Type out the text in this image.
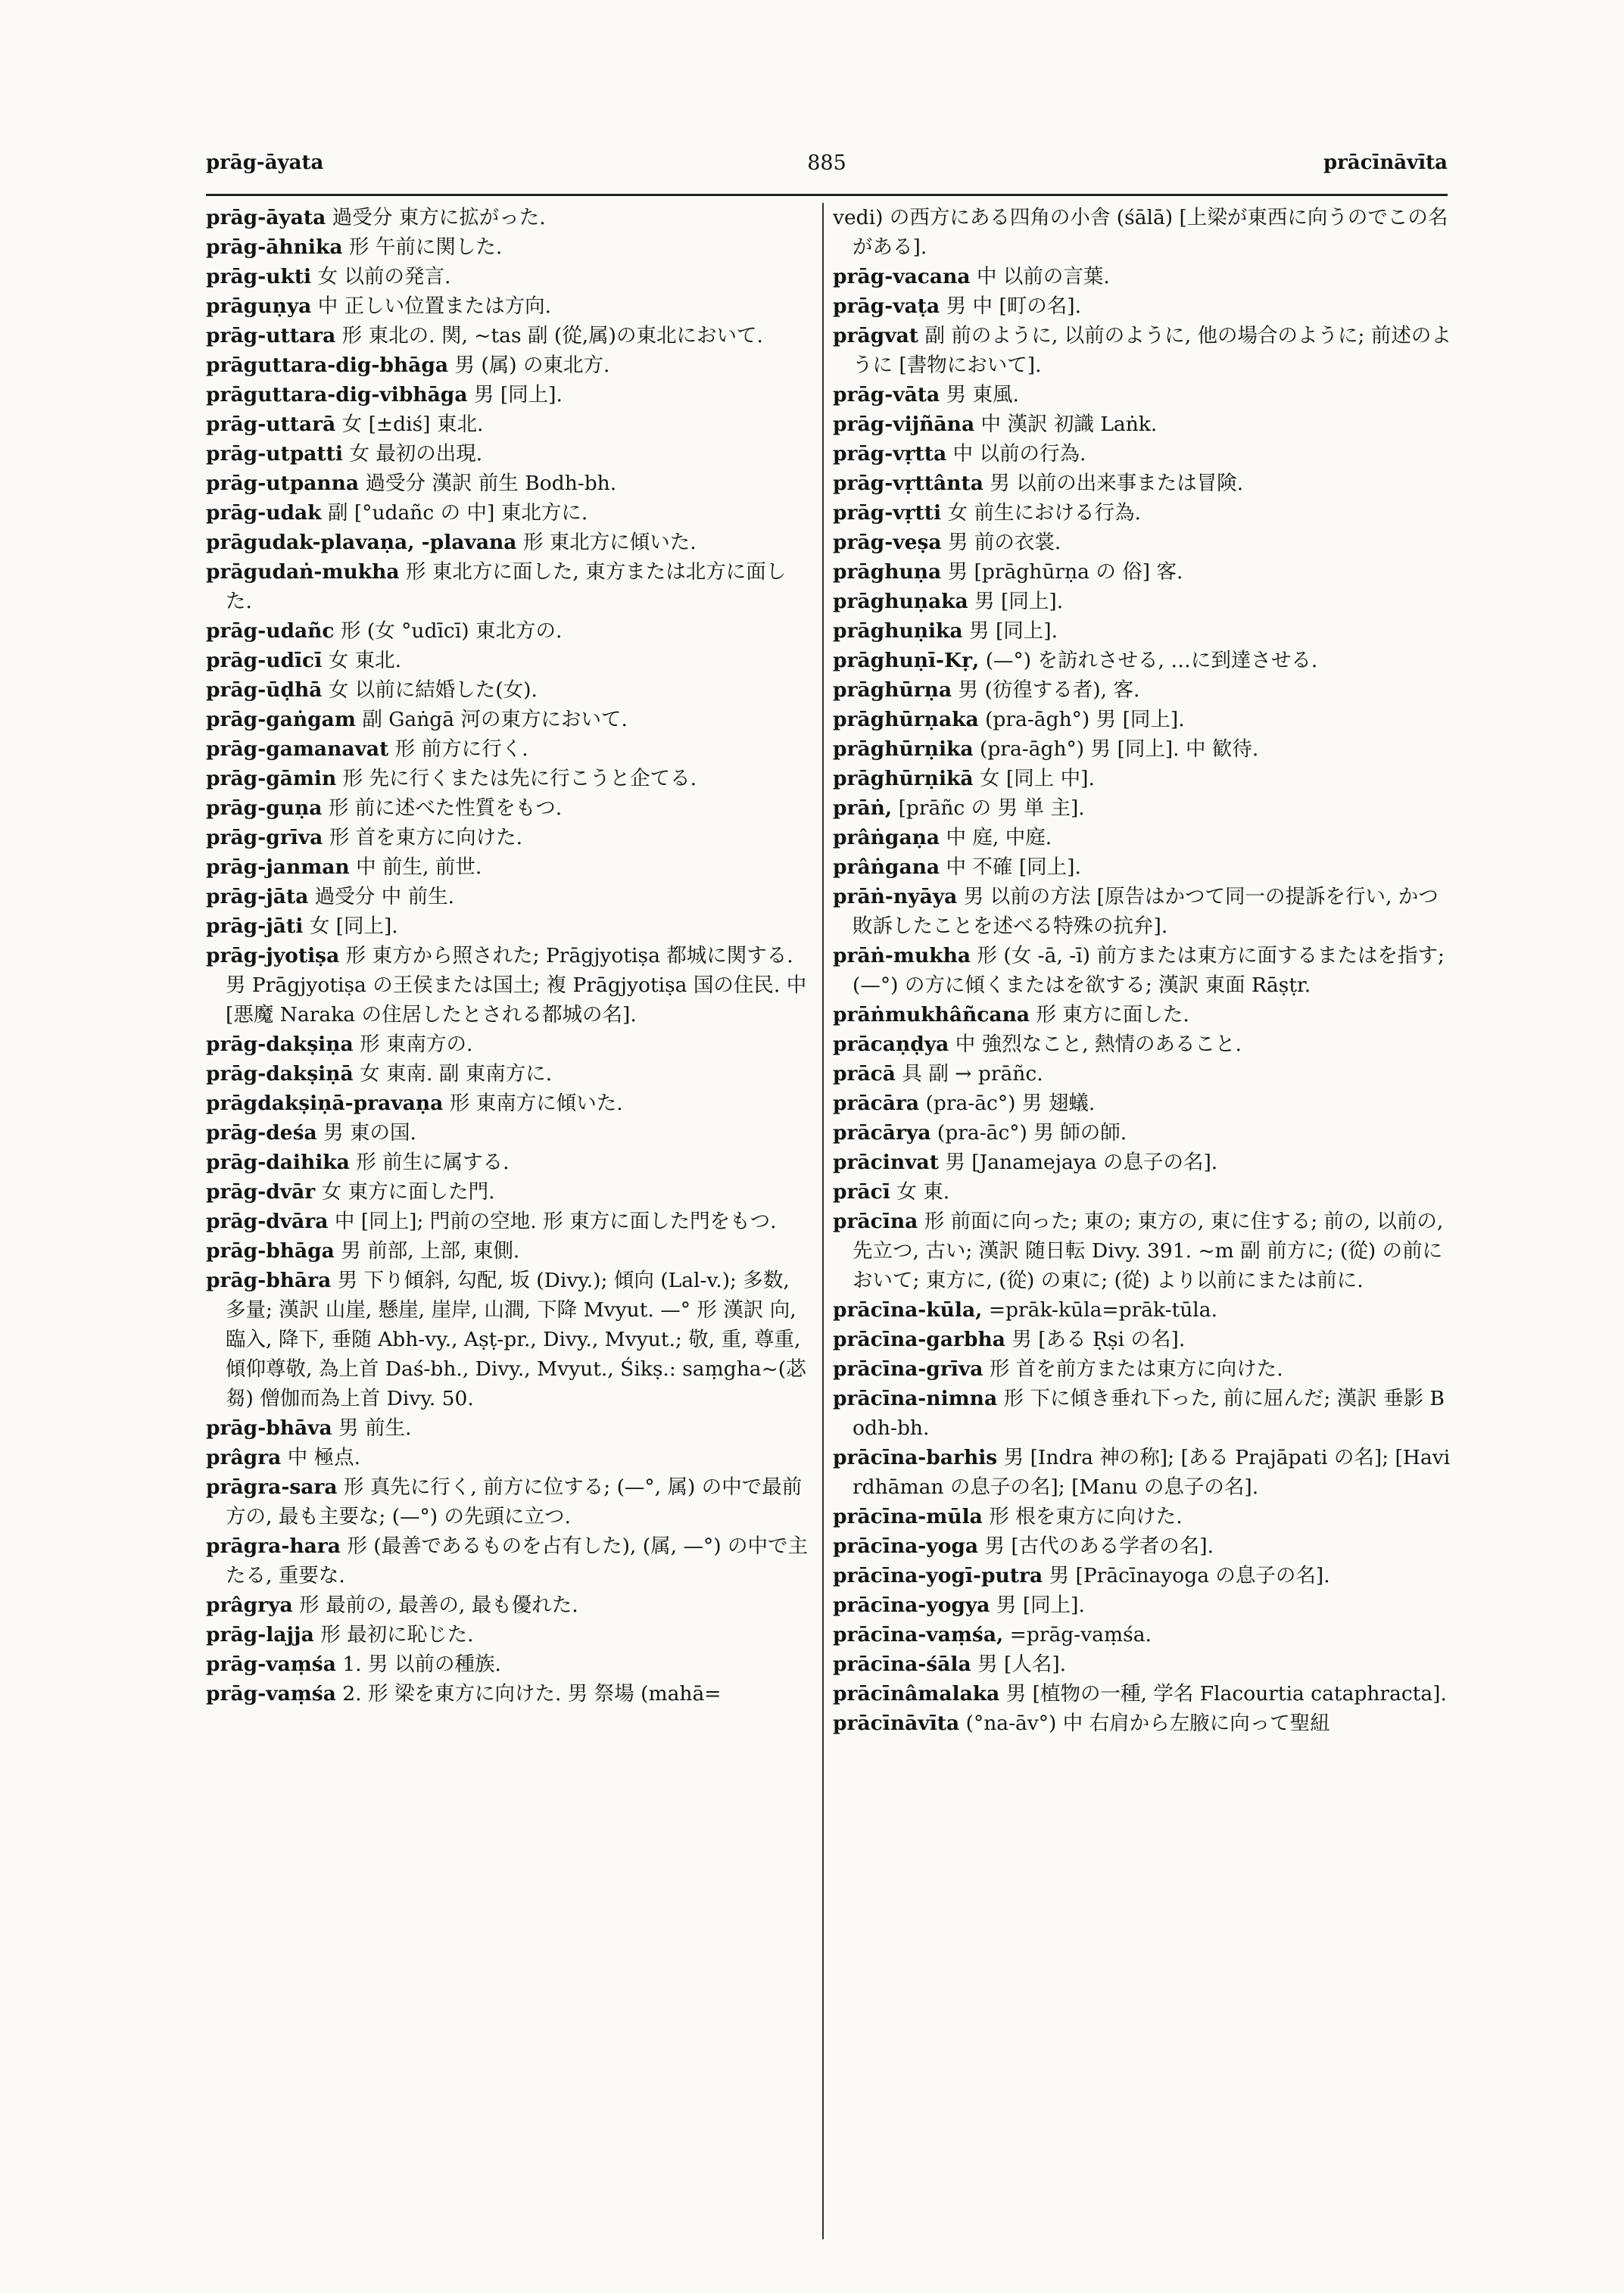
885
prāg-āyata	prācīnāvīta

prāg-āyata 過受分 東方に拡がった.

prāg-āhnika 形 午前に関した.

prāg-ukti 女 以前の発言.

prāguṇya 中 正しい位置または方向.

prāg-uttara 形 東北の. 関, ~tas 副 (從,属)の東北において.

prāguttara-dig-bhāga 男 (属) の東北方.

prāguttara-dig-vibhāga 男 [同上].

prāg-uttarā 女 [±diś] 東北.

prāg-utpatti 女 最初の出現.

prāg-utpanna 過受分 漢訳 前生 Bodh-bh.

prāg-udak 副 [°udañc の 中] 東北方に.

prāgudak-plavaṇa, -plavana 形 東北方に傾いた.

prāgudaṅ-mukha 形 東北方に面した, 東方または北方に面した.

prāg-udañc 形 (女 °udīcī) 東北方の.

prāg-udīcī 女 東北.

prāg-ūḍhā 女 以前に結婚した(女).

prāg-gaṅgam 副 Gaṅgā 河の東方において.

prāg-gamanavat 形 前方に行く.

prāg-gāmin 形 先に行くまたは先に行こうと企てる.

prāg-guṇa 形 前に述べた性質をもつ.

prāg-grīva 形 首を東方に向けた.

prāg-janman 中 前生, 前世.

prāg-jāta 過受分 中 前生.

prāg-jāti 女 [同上].

prāg-jyotiṣa 形 東方から照された; Prāgjyotiṣa 都城に関する. 男 Prāgjyotiṣa の王侯または国土; 複 Prāgjyotiṣa 国の住民. 中 [悪魔 Naraka の住居したとされる都城の名].

prāg-dakṣiṇa 形 東南方の.

prāg-dakṣiṇā 女 東南. 副 東南方に.

prāgdakṣiṇā-pravaṇa 形 東南方に傾いた.

prāg-deśa 男 東の国.

prāg-daihika 形 前生に属する.

prāg-dvār 女 東方に面した門.

prāg-dvāra 中 [同上]; 門前の空地. 形 東方に面した門をもつ.

prāg-bhāga 男 前部, 上部, 東側.

prāg-bhāra 男 下り傾斜, 勾配, 坂 (Divy.); 傾向 (Lal-v.); 多数, 多量; 漢訳 山崖, 懸崖, 崖岸, 山澗, 下降 Mvyut. —° 形 漢訳 向, 臨入, 降下, 垂随 Abh-vy., Aṣṭ-pr., Divy., Mvyut.; 敬, 重, 尊重, 傾仰尊敬, 為上首 Daś-bh., Divy., Mvyut., Śikṣ.: saṃgha~(苾芻) 僧伽而為上首 Divy. 50.

prāg-bhāva 男 前生.

prâgra 中 極点.

prāgra-sara 形 真先に行く, 前方に位する; (—°, 属) の中で最前方の, 最も主要な; (—°) の先頭に立つ.

prāgra-hara 形 (最善であるものを占有した), (属, —°) の中で主たる, 重要な.

prâgrya 形 最前の, 最善の, 最も優れた.

prāg-lajja 形 最初に恥じた.

prāg-vaṃśa 1. 男 以前の種族.

prāg-vaṃśa 2. 形 梁を東方に向けた. 男 祭場 (mahā=

vedi) の西方にある四角の小舎 (śālā) [上梁が東西に向うのでこの名がある].

prāg-vacana 中 以前の言葉.

prāg-vaṭa 男 中 [町の名].

prāgvat 副 前のように, 以前のように, 他の場合のように; 前述のように [書物において].

prāg-vāta 男 東風.

prāg-vijñāna 中 漢訳 初識 Laṅk.

prāg-vṛtta 中 以前の行為.

prāg-vṛttânta 男 以前の出来事または冒険.

prāg-vṛtti 女 前生における行為.

prāg-veṣa 男 前の衣裳.

prāghuṇa 男 [prāghūrṇa の 俗] 客.

prāghuṇaka 男 [同上].

prāghuṇika 男 [同上].

prāghuṇī-Kṛ, (—°) を訪れさせる, …に到達させる.

prāghūrṇa 男 (彷徨する者), 客.

prāghūrṇaka (pra-āgh°) 男 [同上].

prāghūrṇika (pra-āgh°) 男 [同上]. 中 歓待.

prāghūrṇikā 女 [同上 中].

prāṅ, [prāñc の 男 単 主].

prâṅgaṇa 中 庭, 中庭.

prâṅgana 中 不確 [同上].

prāṅ-nyāya 男 以前の方法 [原告はかつて同一の提訴を行い, かつ敗訴したことを述べる特殊の抗弁].

prāṅ-mukha 形 (女 -ā, -ī) 前方または東方に面するまたはを指す; (—°) の方に傾くまたはを欲する; 漢訳 東面 Rāṣṭr.

prāṅmukhâñcana 形 東方に面した.

prācaṇḍya 中 強烈なこと, 熱情のあること.

prācā 具 副 → prāñc.

prācāra (pra-āc°) 男 翅蟻.

prācārya (pra-āc°) 男 師の師.

prācinvat 男 [Janamejaya の息子の名].

prācī 女 東.

prācīna 形 前面に向った; 東の; 東方の, 東に住する; 前の, 以前の, 先立つ, 古い; 漢訳 随日転 Divy. 391. ~m 副 前方に; (從) の前において; 東方に, (從) の東に; (從) より以前にまたは前に.

prācīna-kūla, =prāk-kūla=prāk-tūla.

prācīna-garbha 男 [ある Ṛṣi の名].

prācīna-grīva 形 首を前方または東方に向けた.

prācīna-nimna 形 下に傾き垂れ下った, 前に屈んだ; 漢訳 垂影 Bodh-bh.

prācīna-barhis 男 [Indra 神の称]; [ある Prajāpati の名]; [Havirdhāman の息子の名]; [Manu の息子の名].

prācīna-mūla 形 根を東方に向けた.

prācīna-yoga 男 [古代のある学者の名].

prācīna-yogī-putra 男 [Prācīnayoga の息子の名].

prācīna-yogya 男 [同上].

prācīna-vaṃśa, =prāg-vaṃśa.

prācīna-śāla 男 [人名].

prācīnâmalaka 男 [植物の一種, 学名 Flacourtia cataphracta].

prācīnāvīta (°na-āv°) 中 右肩から左腋に向って聖紐
